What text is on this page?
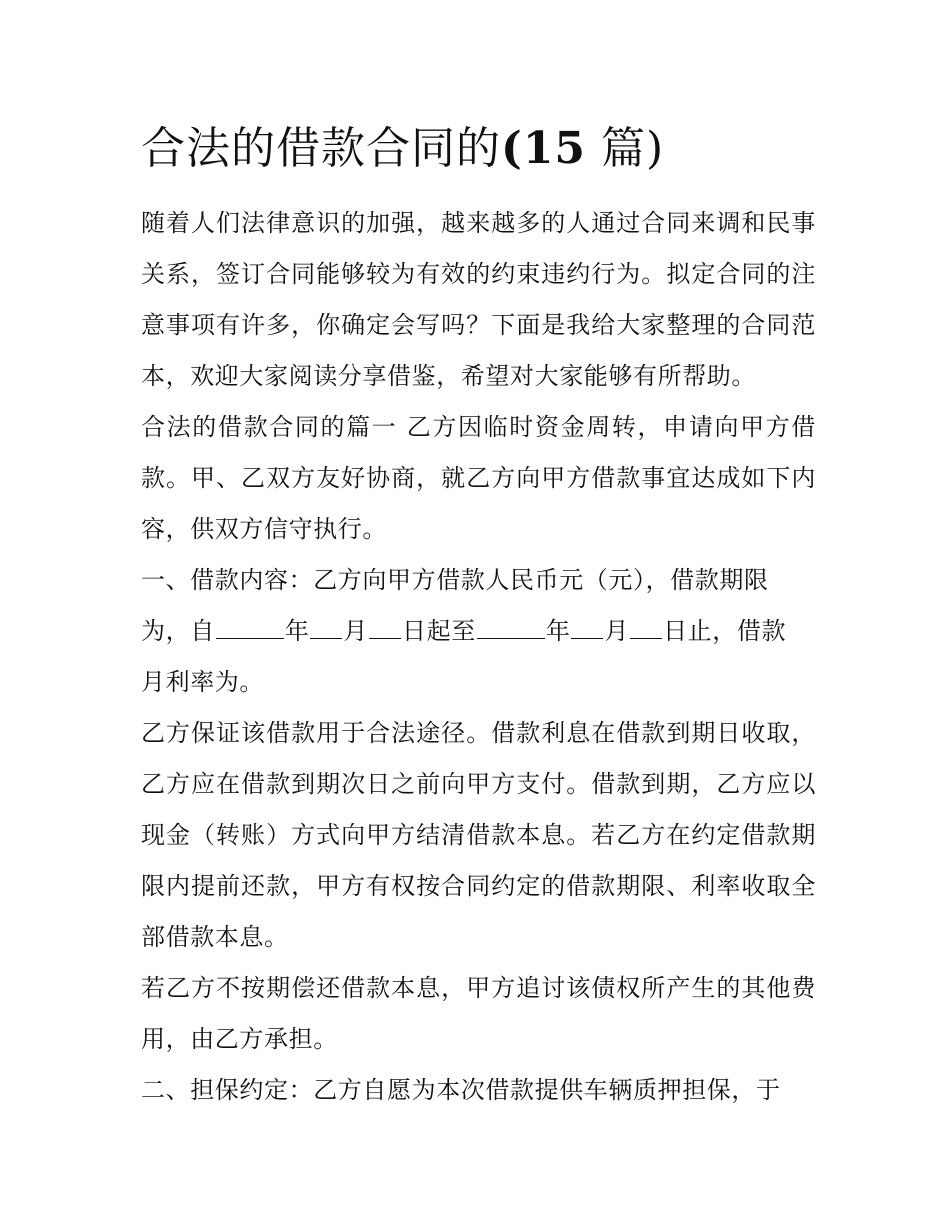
合法的借款合同的(15 篇)

随着人们法律意识的加强，越来越多的人通过合同来调和民事关系，签订合同能够较为有效的约束违约行为。拟定合同的注意事项有许多，你确定会写吗？下面是我给大家整理的合同范本，欢迎大家阅读分享借鉴，希望对大家能够有所帮助。

合法的借款合同的篇一 乙方因临时资金周转，申请向甲方借款。甲、乙双方友好协商，就乙方向甲方借款事宜达成如下内容，供双方信守执行。

一、借款内容：乙方向甲方借款人民币元（元），借款期限
为，自	年 月 日起至	年 月 日止，借款
月利率为。

乙方保证该借款用于合法途径。借款利息在借款到期日收取，乙方应在借款到期次日之前向甲方支付。借款到期，乙方应以现金（转账）方式向甲方结清借款本息。若乙方在约定借款期限内提前还款，甲方有权按合同约定的借款期限、利率收取全部借款本息。

若乙方不按期偿还借款本息，甲方追讨该债权所产生的其他费用，由乙方承担。

二、担保约定：乙方自愿为本次借款提供车辆质押担保，于
